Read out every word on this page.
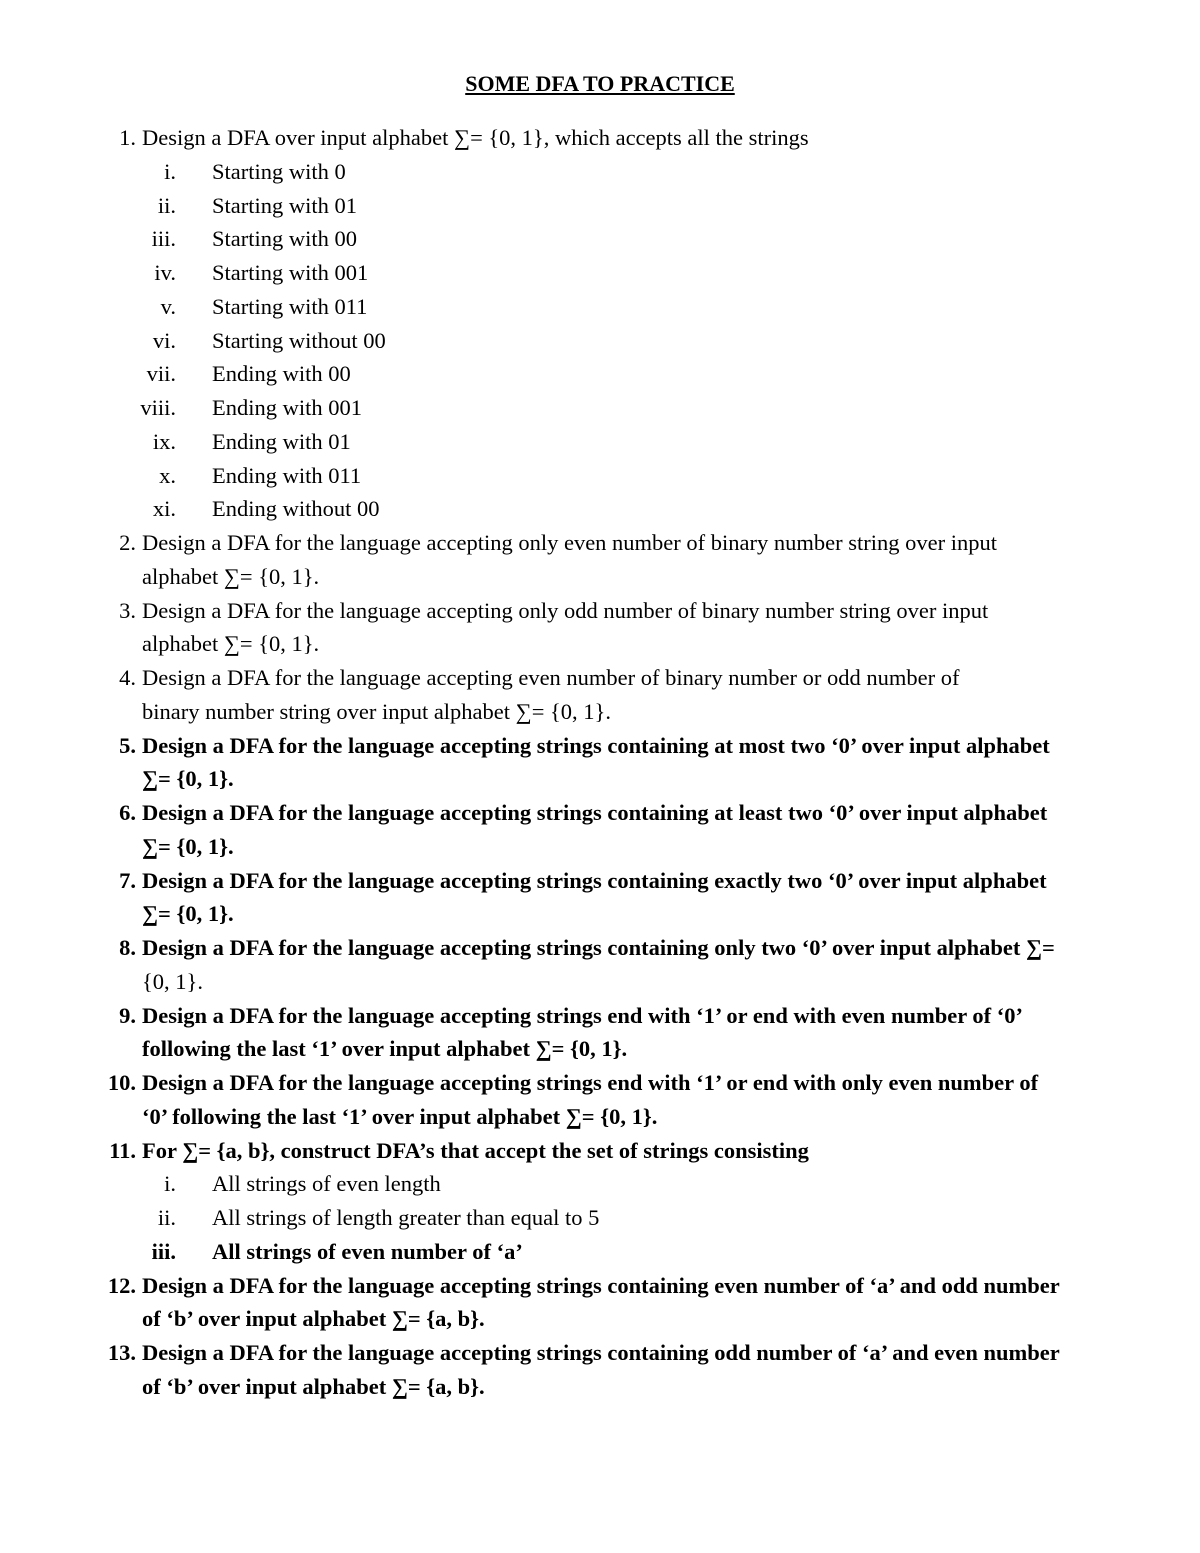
SOME DFA TO PRACTICE
1. Design a DFA over input alphabet ∑= {0, 1}, which accepts all the strings
i. Starting with 0
ii. Starting with 01
iii. Starting with 00
iv. Starting with 001
v. Starting with 011
vi. Starting without 00
vii. Ending with 00
viii. Ending with 001
ix. Ending with 01
x. Ending with 011
xi. Ending without 00
2. Design a DFA for the language accepting only even number of binary number string over input
alphabet ∑= {0, 1}.
3. Design a DFA for the language accepting only odd number of binary number string over input
alphabet ∑= {0, 1}.
4. Design a DFA for the language accepting even number of binary number or odd number of
binary number string over input alphabet ∑= {0, 1}.
5. Design a DFA for the language accepting strings containing at most two ‘0’ over input alphabet
∑= {0, 1}.
6. Design a DFA for the language accepting strings containing at least two ‘0’ over input alphabet
∑= {0, 1}.
7. Design a DFA for the language accepting strings containing exactly two ‘0’ over input alphabet
∑= {0, 1}.
8. Design a DFA for the language accepting strings containing only two ‘0’ over input alphabet ∑=
{0, 1}.
9. Design a DFA for the language accepting strings end with ‘1’ or end with even number of ‘0’
following the last ‘1’ over input alphabet ∑= {0, 1}.
10. Design a DFA for the language accepting strings end with ‘1’ or end with only even number of
‘0’ following the last ‘1’ over input alphabet ∑= {0, 1}.
11. For ∑= {a, b}, construct DFA’s that accept the set of strings consisting
i. All strings of even length
ii. All strings of length greater than equal to 5
iii. All strings of even number of ‘a’
12. Design a DFA for the language accepting strings containing even number of ‘a’ and odd number
of ‘b’ over input alphabet ∑= {a, b}.
13. Design a DFA for the language accepting strings containing odd number of ‘a’ and even number
of ‘b’ over input alphabet ∑= {a, b}.
